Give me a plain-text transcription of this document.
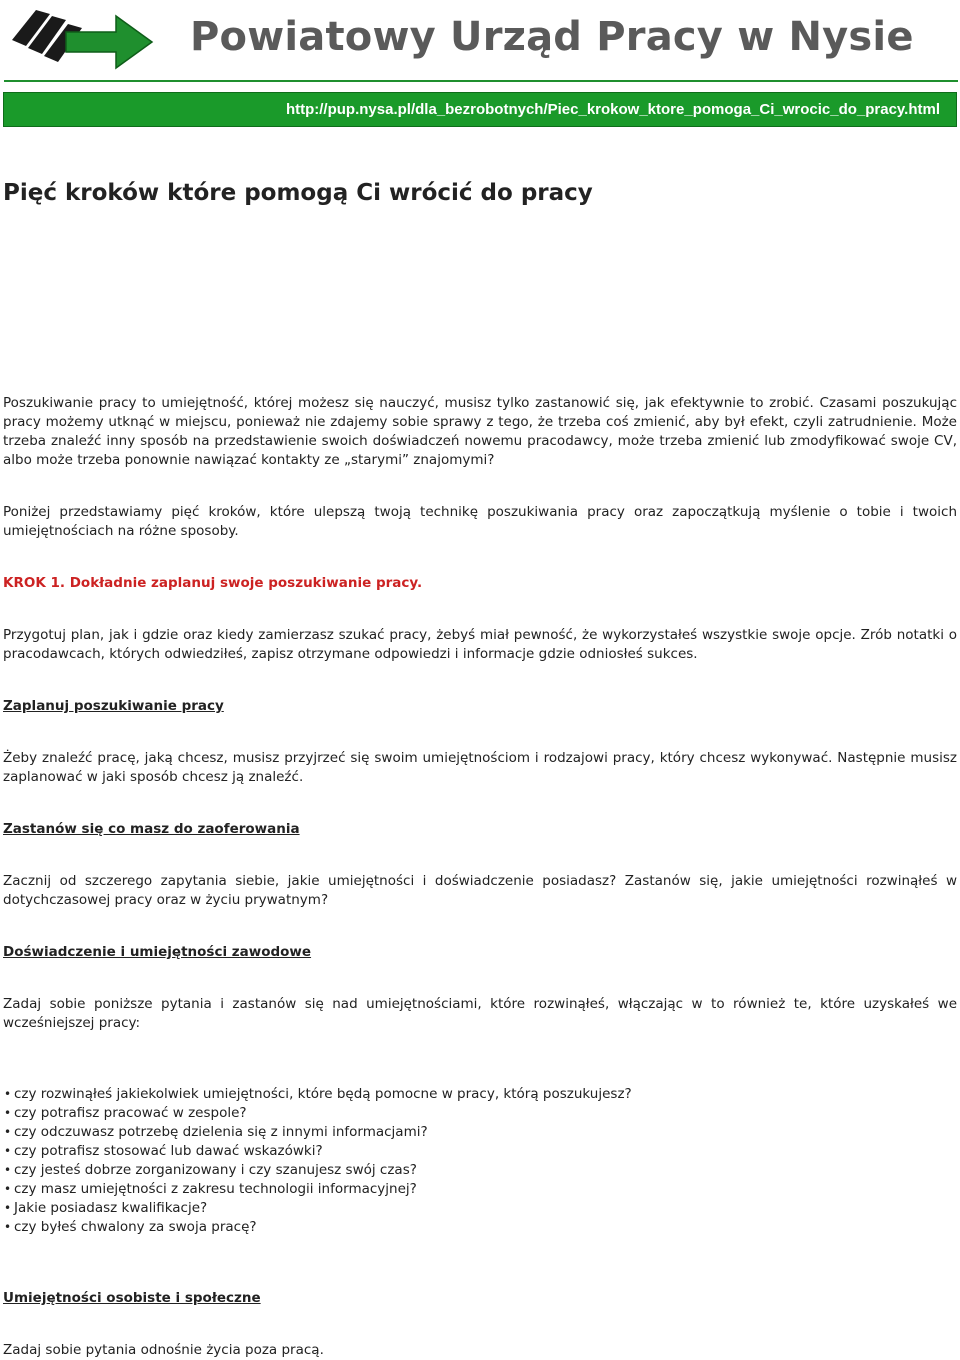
Powiatowy Urząd Pracy w Nysie
http://pup.nysa.pl/dla_bezrobotnych/Piec_krokow_ktore_pomoga_Ci_wrocic_do_pracy.html
Pięć kroków które pomogą Ci wrócić do pracy

Poszukiwanie pracy to umiejętność, której możesz się nauczyć, musisz tylko zastanowić się, jak efektywnie to zrobić. Czasami poszukując pracy możemy utknąć w miejscu, ponieważ nie zdajemy sobie sprawy z tego, że trzeba coś zmienić, aby był efekt, czyli zatrudnienie. Może trzeba znaleźć inny sposób na przedstawienie swoich doświadczeń nowemu pracodawcy, może trzeba zmienić lub zmodyfikować swoje CV, albo może trzeba ponownie nawiązać kontakty ze „starymi” znajomymi?

Poniżej przedstawiamy pięć kroków, które ulepszą twoją technikę poszukiwania pracy oraz zapoczątkują myślenie o tobie i twoich umiejętnościach na różne sposoby.

KROK 1. Dokładnie zaplanuj swoje poszukiwanie pracy.

Przygotuj plan, jak i gdzie oraz kiedy zamierzasz szukać pracy, żebyś miał pewność, że wykorzystałeś wszystkie swoje opcje. Zrób notatki o pracodawcach, których odwiedziłeś, zapisz otrzymane odpowiedzi i informacje gdzie odniosłeś sukces.

Zaplanuj poszukiwanie pracy

Żeby znaleźć pracę, jaką chcesz, musisz przyjrzeć się swoim umiejętnościom i rodzajowi pracy, który chcesz wykonywać. Następnie musisz zaplanować w jaki sposób chcesz ją znaleźć.

Zastanów się co masz do zaoferowania

Zacznij od szczerego zapytania siebie, jakie umiejętności i doświadczenie posiadasz? Zastanów się, jakie umiejętności rozwinąłeś w dotychczasowej pracy oraz w życiu prywatnym?

Doświadczenie i umiejętności zawodowe

Zadaj sobie poniższe pytania i zastanów się nad umiejętnościami, które rozwinąłeś, włączając w to również te, które uzyskałeś we wcześniejszej pracy:

• czy rozwinąłeś jakiekolwiek umiejętności, które będą pomocne w pracy, którą poszukujesz?
• czy potrafisz pracować w zespole?
• czy odczuwasz potrzebę dzielenia się z innymi informacjami?
• czy potrafisz stosować lub dawać wskazówki?
• czy jesteś dobrze zorganizowany i czy szanujesz swój czas?
• czy masz umiejętności z zakresu technologii informacyjnej?
• Jakie posiadasz kwalifikacje?
• czy byłeś chwalony za swoja pracę?

Umiejętności osobiste i społeczne

Zadaj sobie pytania odnośnie życia poza pracą.
